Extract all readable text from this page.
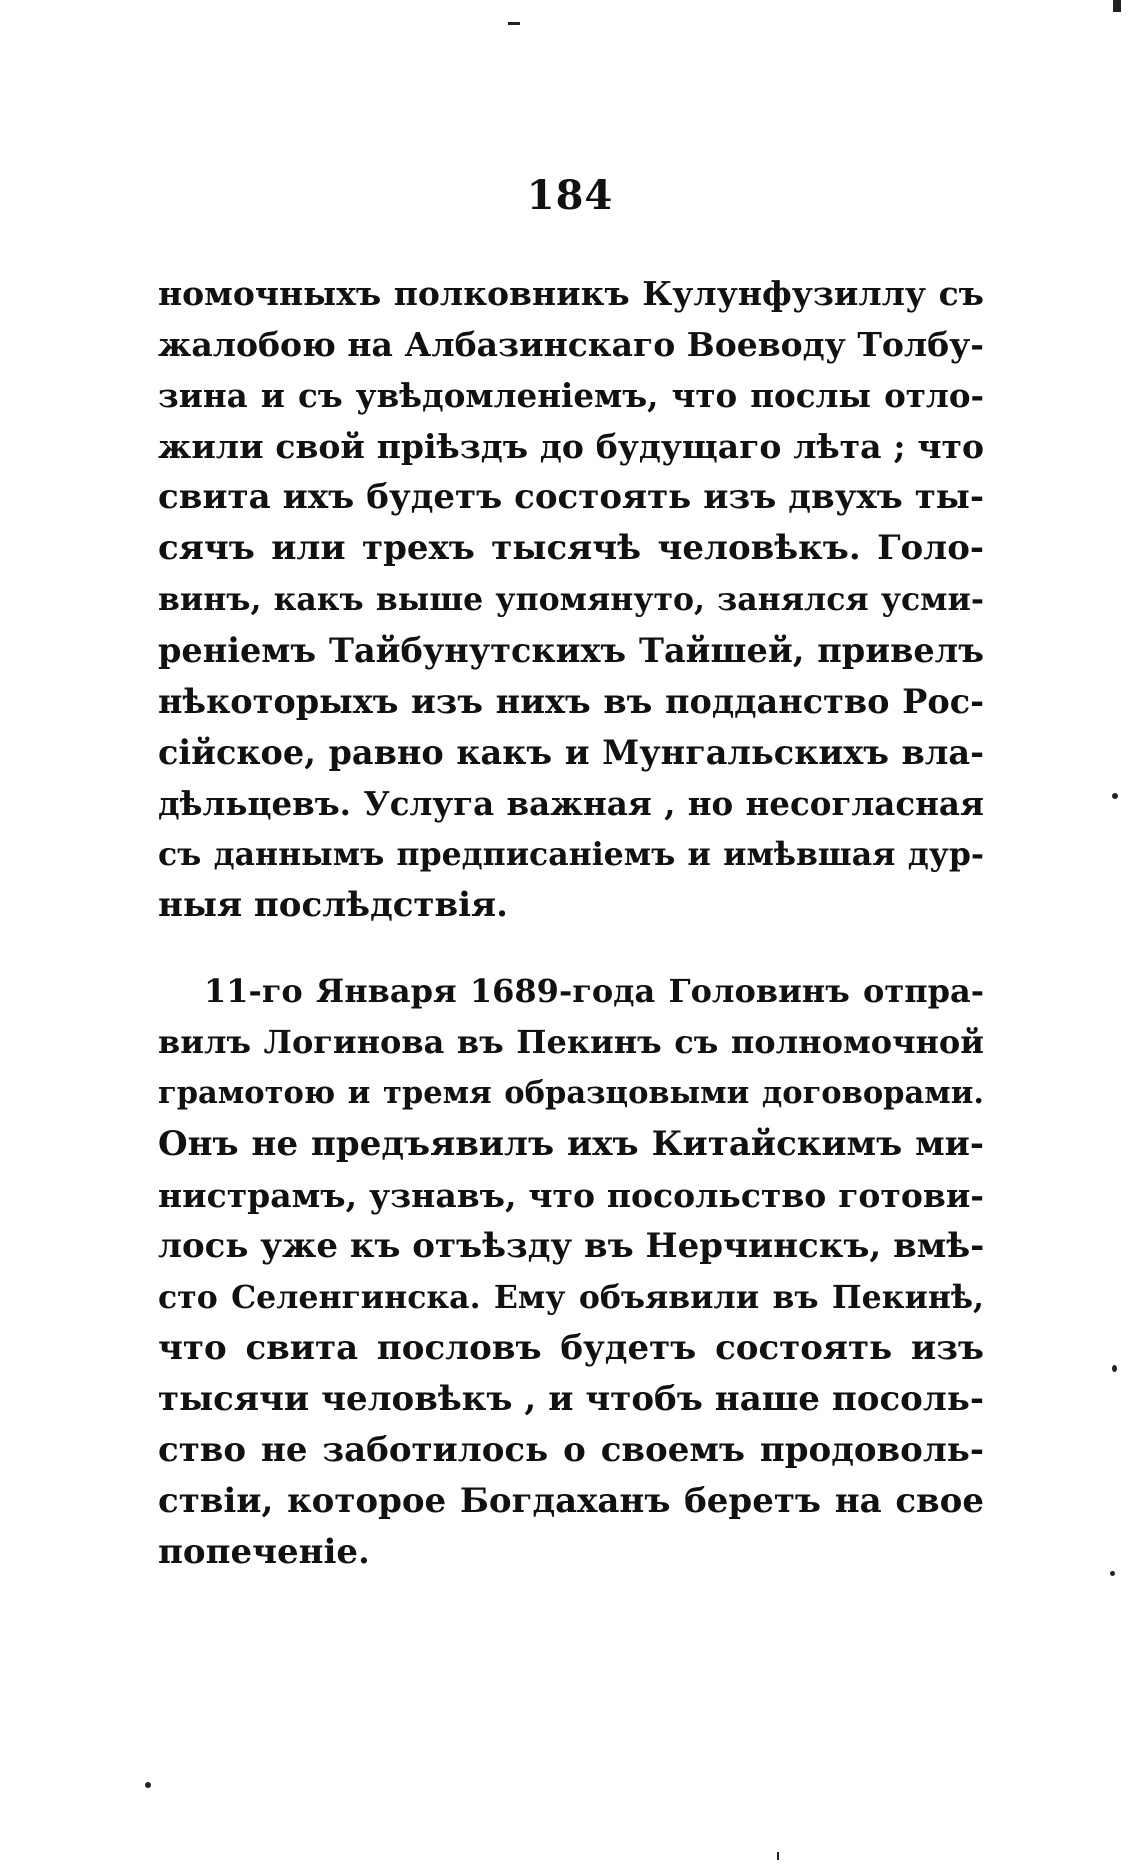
184
номочныхъ полковникъ Кулунфузиллу съ
жалобою на Албазинскаго Воеводу Толбу-
зина и съ увѣдомленіемъ, что послы отло-
жили свой пріѣздъ до будущаго лѣта ; что
свита ихъ будетъ состоять изъ двухъ ты-
сячъ или трехъ тысячѣ человѣкъ. Голо-
винъ, какъ выше упомянуто, занялся усми-
реніемъ Тайбунутскихъ Тайшей, привелъ
нѣкоторыхъ изъ нихъ въ подданство Рос-
сійское, равно какъ и Мунгальскихъ вла-
дѣльцевъ. Услуга важная , но несогласная
съ даннымъ предписаніемъ и имѣвшая дур-
ныя послѣдствія.
11-го Января 1689-года Головинъ отпра-
вилъ Логинова въ Пекинъ съ полномочной
грамотою и тремя образцовыми договорами.
Онъ не предъявилъ ихъ Китайскимъ ми-
нистрамъ, узнавъ, что посольство готови-
лось уже къ отъѣзду въ Нерчинскъ, вмѣ-
сто Селенгинска. Ему объявили въ Пекинѣ,
что свита пословъ будетъ состоять изъ
тысячи человѣкъ , и чтобъ наше посоль-
ство не заботилось о своемъ продоволь-
ствіи, которое Богдаханъ беретъ на свое
попеченіе.
